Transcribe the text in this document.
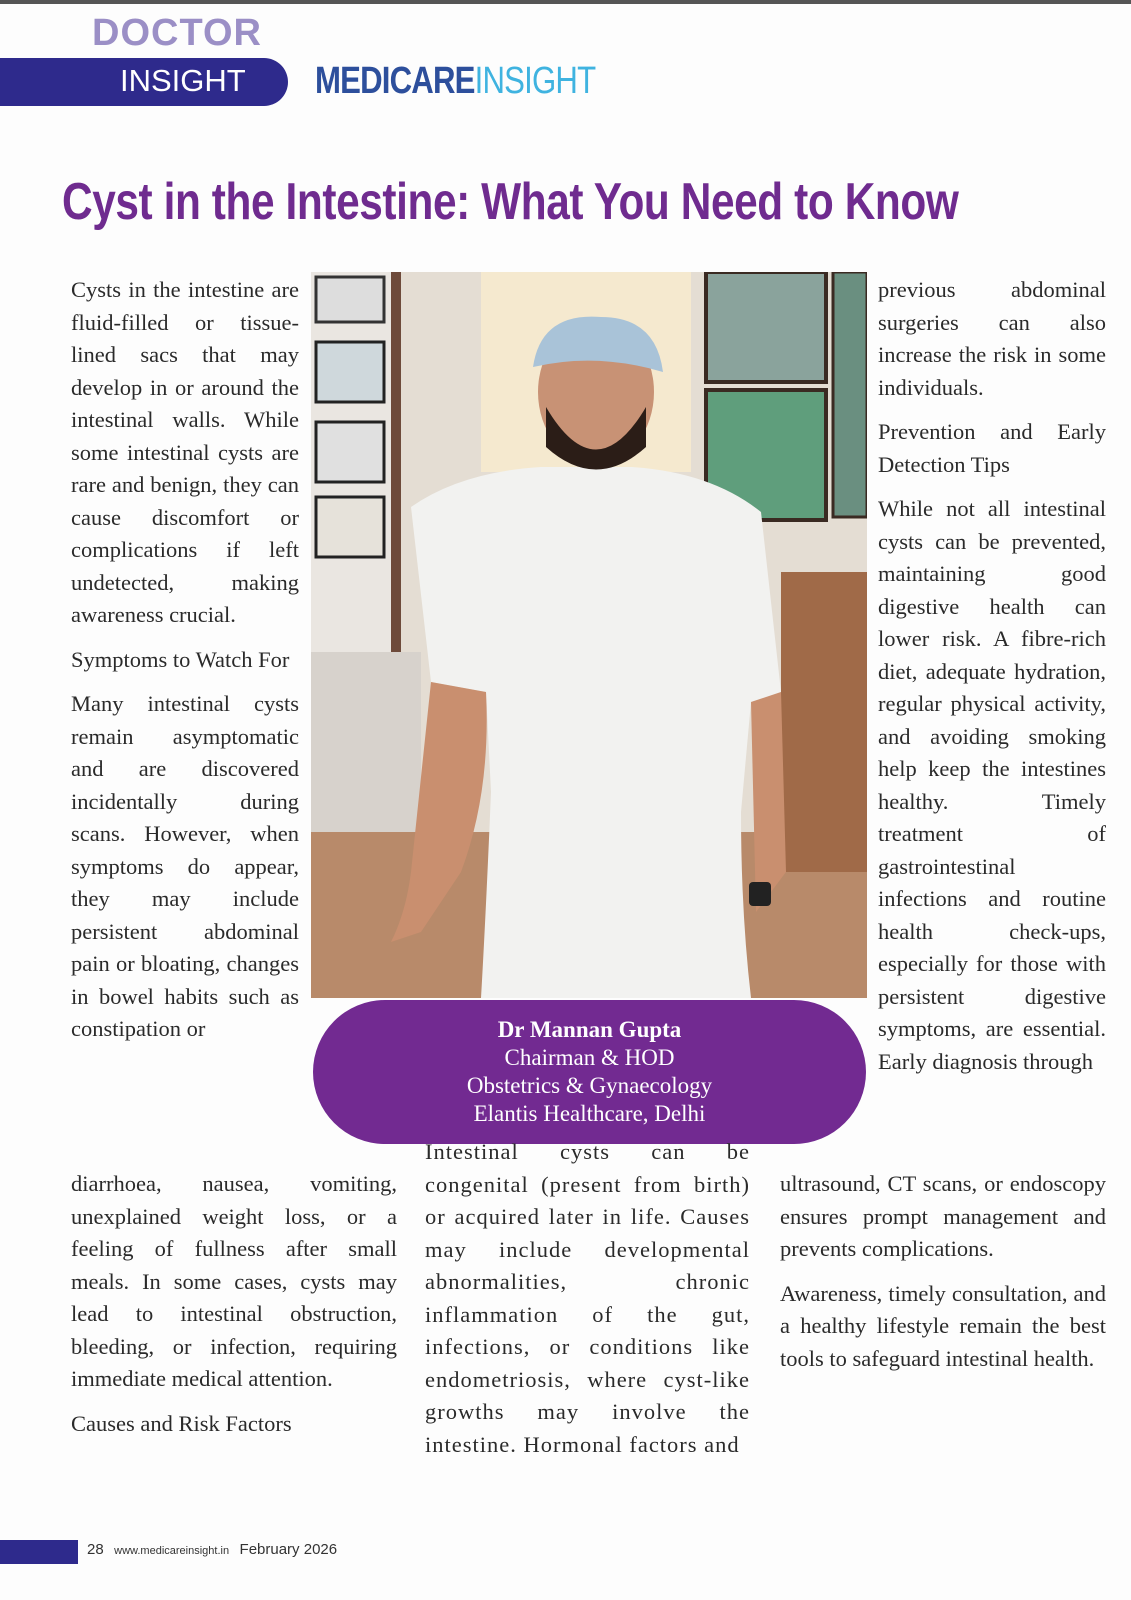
DOCTOR
INSIGHT MEDICAREINSIGHT
Cyst in the Intestine: What You Need to Know

Cysts in the intestine are fluid-filled or tissue-lined sacs that may develop in or around the intestinal walls. While some intestinal cysts are rare and benign, they can cause discomfort or complications if left undetected, making awareness crucial.

Symptoms to Watch For

Many intestinal cysts remain asymptomatic and are discovered incidentally during scans. However, when symptoms do appear, they may include persistent abdominal pain or bloating, changes in bowel habits such as constipation or

diarrhoea, nausea, vomiting, unexplained weight loss, or a feeling of fullness after small meals. In some cases, cysts may lead to intestinal obstruction, bleeding, or infection, requiring immediate medical attention.

Causes and Risk Factors

Dr Mannan Gupta
Chairman & HOD
Obstetrics & Gynaecology
Elantis Healthcare, Delhi

Intestinal cysts can be congenital (present from birth) or acquired later in life. Causes may include developmental abnormalities, chronic inflammation of the gut, infections, or conditions like endometriosis, where cyst-like growths may involve the intestine. Hormonal factors and

previous abdominal surgeries can also increase the risk in some individuals.

Prevention and Early Detection Tips

While not all intestinal cysts can be prevented, maintaining good digestive health can lower risk. A fibre-rich diet, adequate hydration, regular physical activity, and avoiding smoking help keep the intestines healthy. Timely treatment of gastrointestinal infections and routine health check-ups, especially for those with persistent digestive symptoms, are essential. Early diagnosis through

ultrasound, CT scans, or endoscopy ensures prompt management and prevents complications.

Awareness, timely consultation, and a healthy lifestyle remain the best tools to safeguard intestinal health.

28 www.medicareinsight.in February 2026
